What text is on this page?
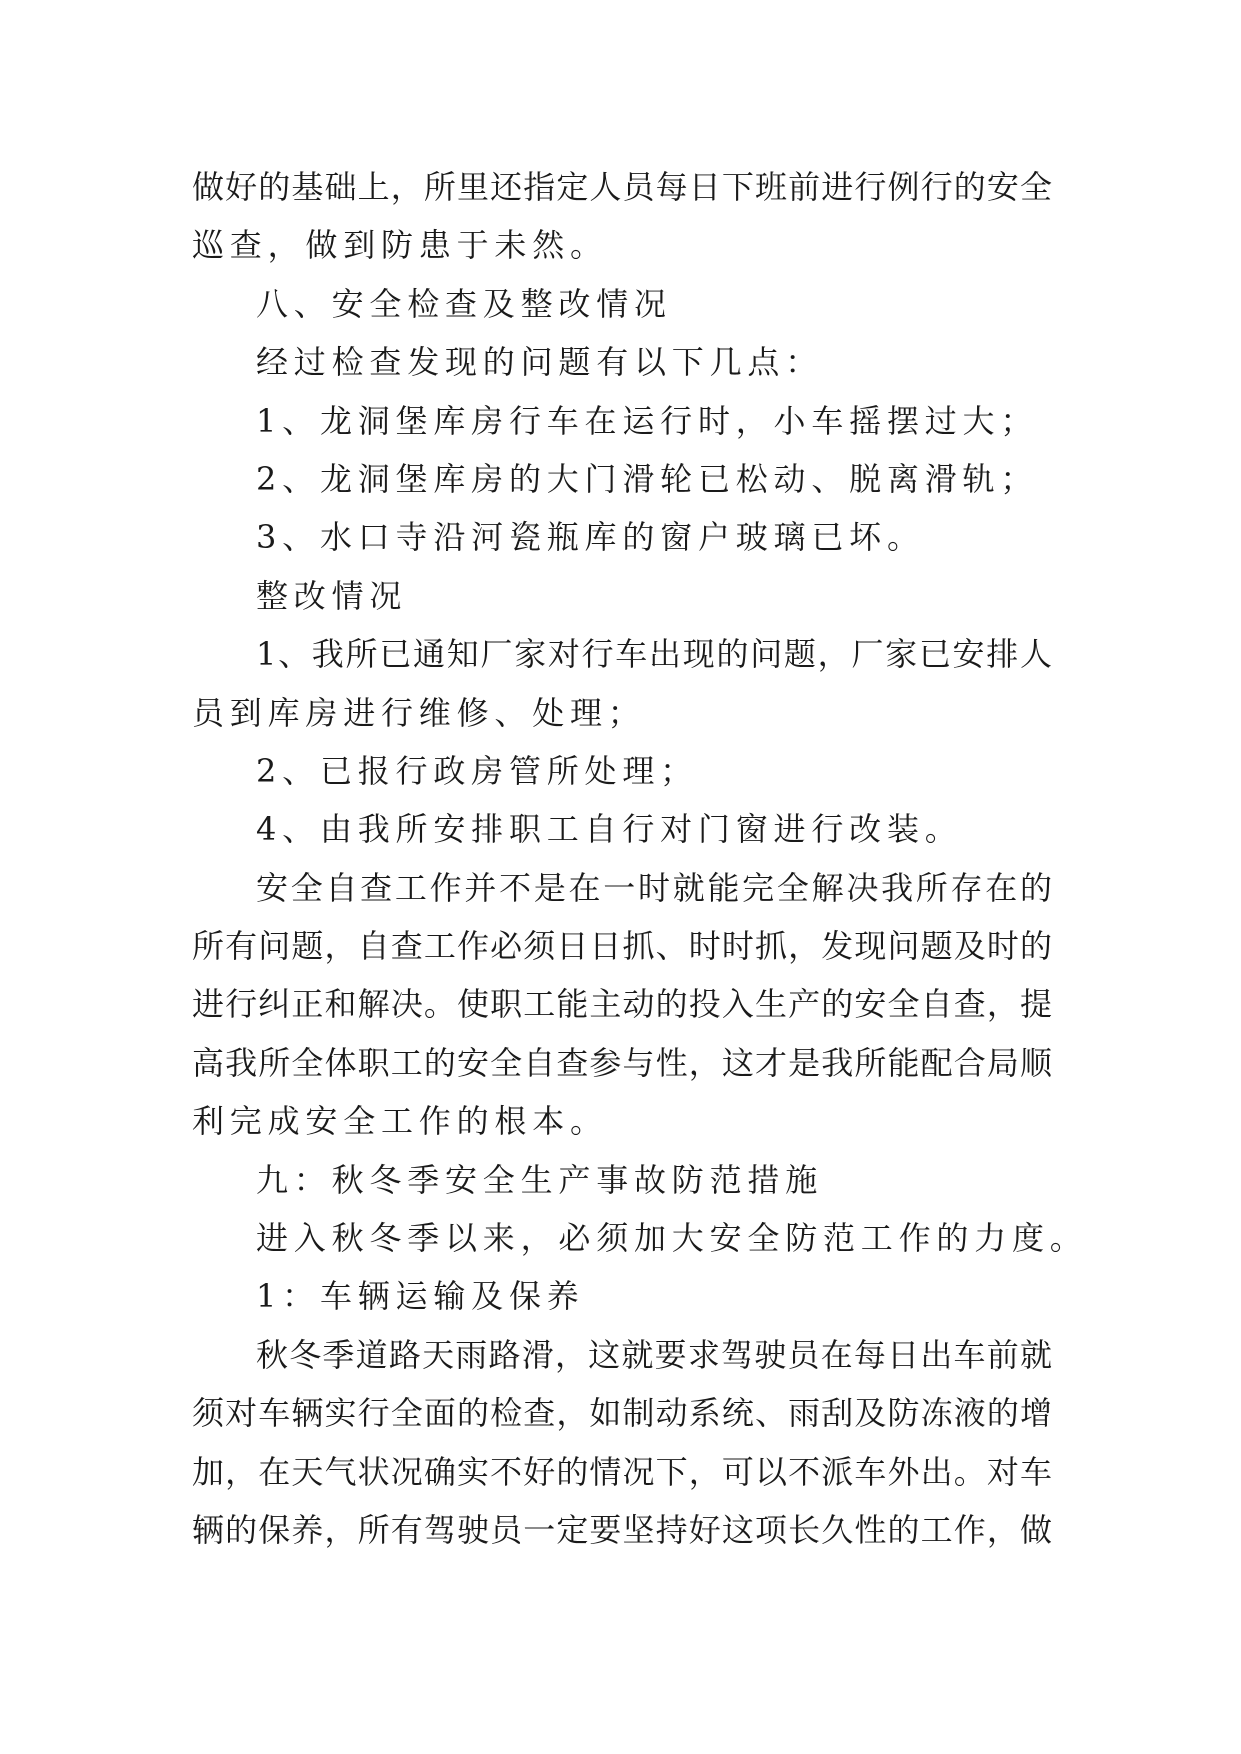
做好的基础上，所里还指定人员每日下班前进行例行的安全
巡查，做到防患于未然。
八、安全检查及整改情况
经过检查发现的问题有以下几点：
1、龙洞堡库房行车在运行时，小车摇摆过大；
2、龙洞堡库房的大门滑轮已松动、脱离滑轨；
3、水口寺沿河瓷瓶库的窗户玻璃已坏。
整改情况
1、我所已通知厂家对行车出现的问题，厂家已安排人
员到库房进行维修、处理；
2、已报行政房管所处理；
4、由我所安排职工自行对门窗进行改装。
安全自查工作并不是在一时就能完全解决我所存在的
所有问题，自查工作必须日日抓、时时抓，发现问题及时的
进行纠正和解决。使职工能主动的投入生产的安全自查，提
高我所全体职工的安全自查参与性，这才是我所能配合局顺
利完成安全工作的根本。
九：秋冬季安全生产事故防范措施
进入秋冬季以来，必须加大安全防范工作的力度。
1：车辆运输及保养
秋冬季道路天雨路滑，这就要求驾驶员在每日出车前就
须对车辆实行全面的检查，如制动系统、雨刮及防冻液的增
加，在天气状况确实不好的情况下，可以不派车外出。对车
辆的保养，所有驾驶员一定要坚持好这项长久性的工作，做
